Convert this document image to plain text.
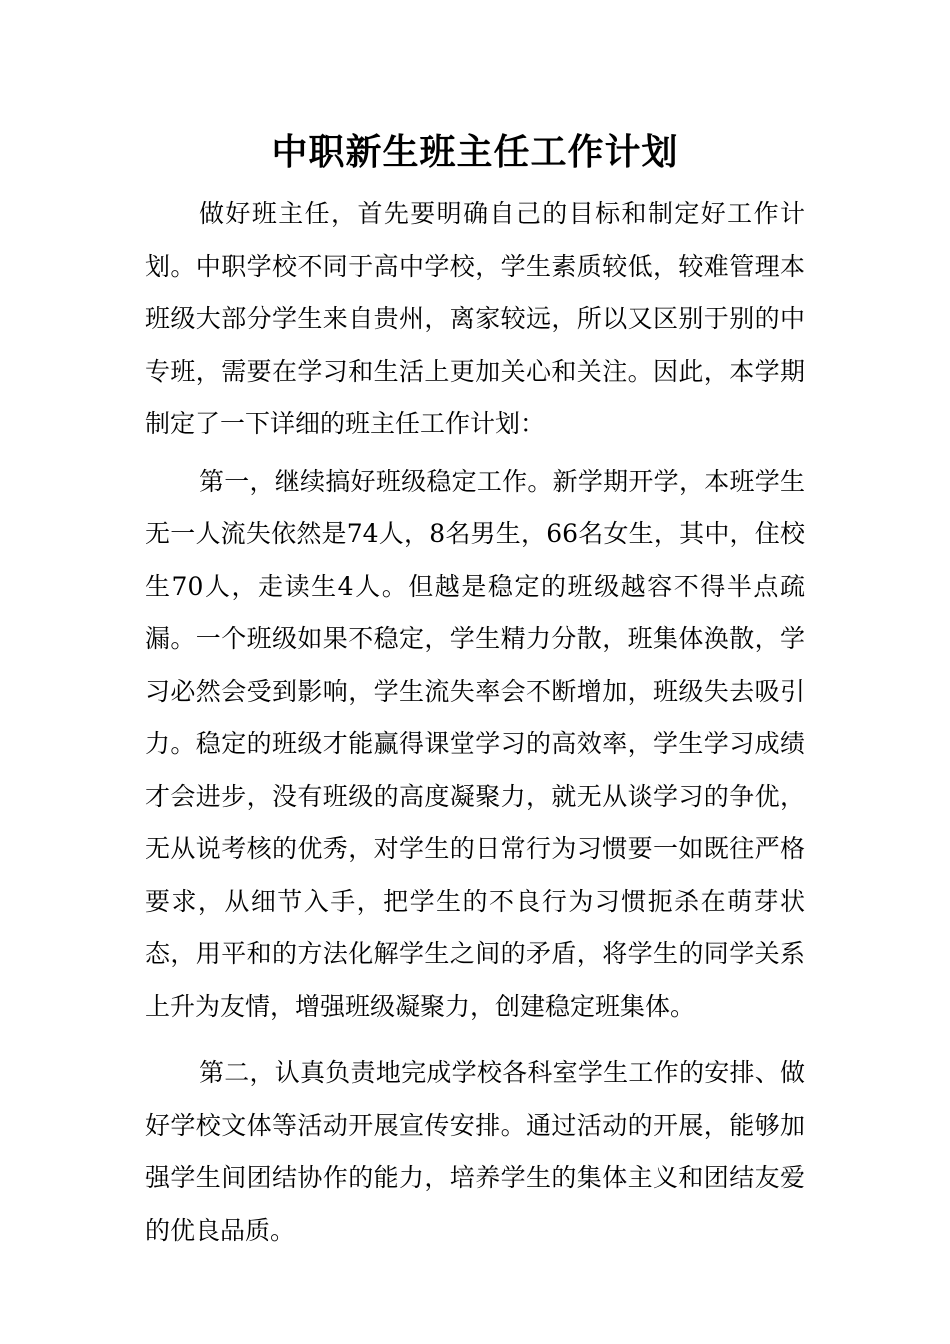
中职新生班主任工作计划

做好班主任，首先要明确自己的目标和制定好工作计划。中职学校不同于高中学校，学生素质较低，较难管理本班级大部分学生来自贵州，离家较远，所以又区别于别的中专班，需要在学习和生活上更加关心和关注。因此，本学期制定了一下详细的班主任工作计划：

第一，继续搞好班级稳定工作。新学期开学，本班学生无一人流失依然是74人，8名男生，66名女生，其中，住校生70人，走读生4人。但越是稳定的班级越容不得半点疏漏。一个班级如果不稳定，学生精力分散，班集体涣散，学习必然会受到影响，学生流失率会不断增加，班级失去吸引力。稳定的班级才能赢得课堂学习的高效率，学生学习成绩才会进步，没有班级的高度凝聚力，就无从谈学习的争优，无从说考核的优秀，对学生的日常行为习惯要一如既往严格要求，从细节入手，把学生的不良行为习惯扼杀在萌芽状态，用平和的方法化解学生之间的矛盾，将学生的同学关系上升为友情，增强班级凝聚力，创建稳定班集体。

第二，认真负责地完成学校各科室学生工作的安排、做好学校文体等活动开展宣传安排。通过活动的开展，能够加强学生间团结协作的能力，培养学生的集体主义和团结友爱的优良品质。
